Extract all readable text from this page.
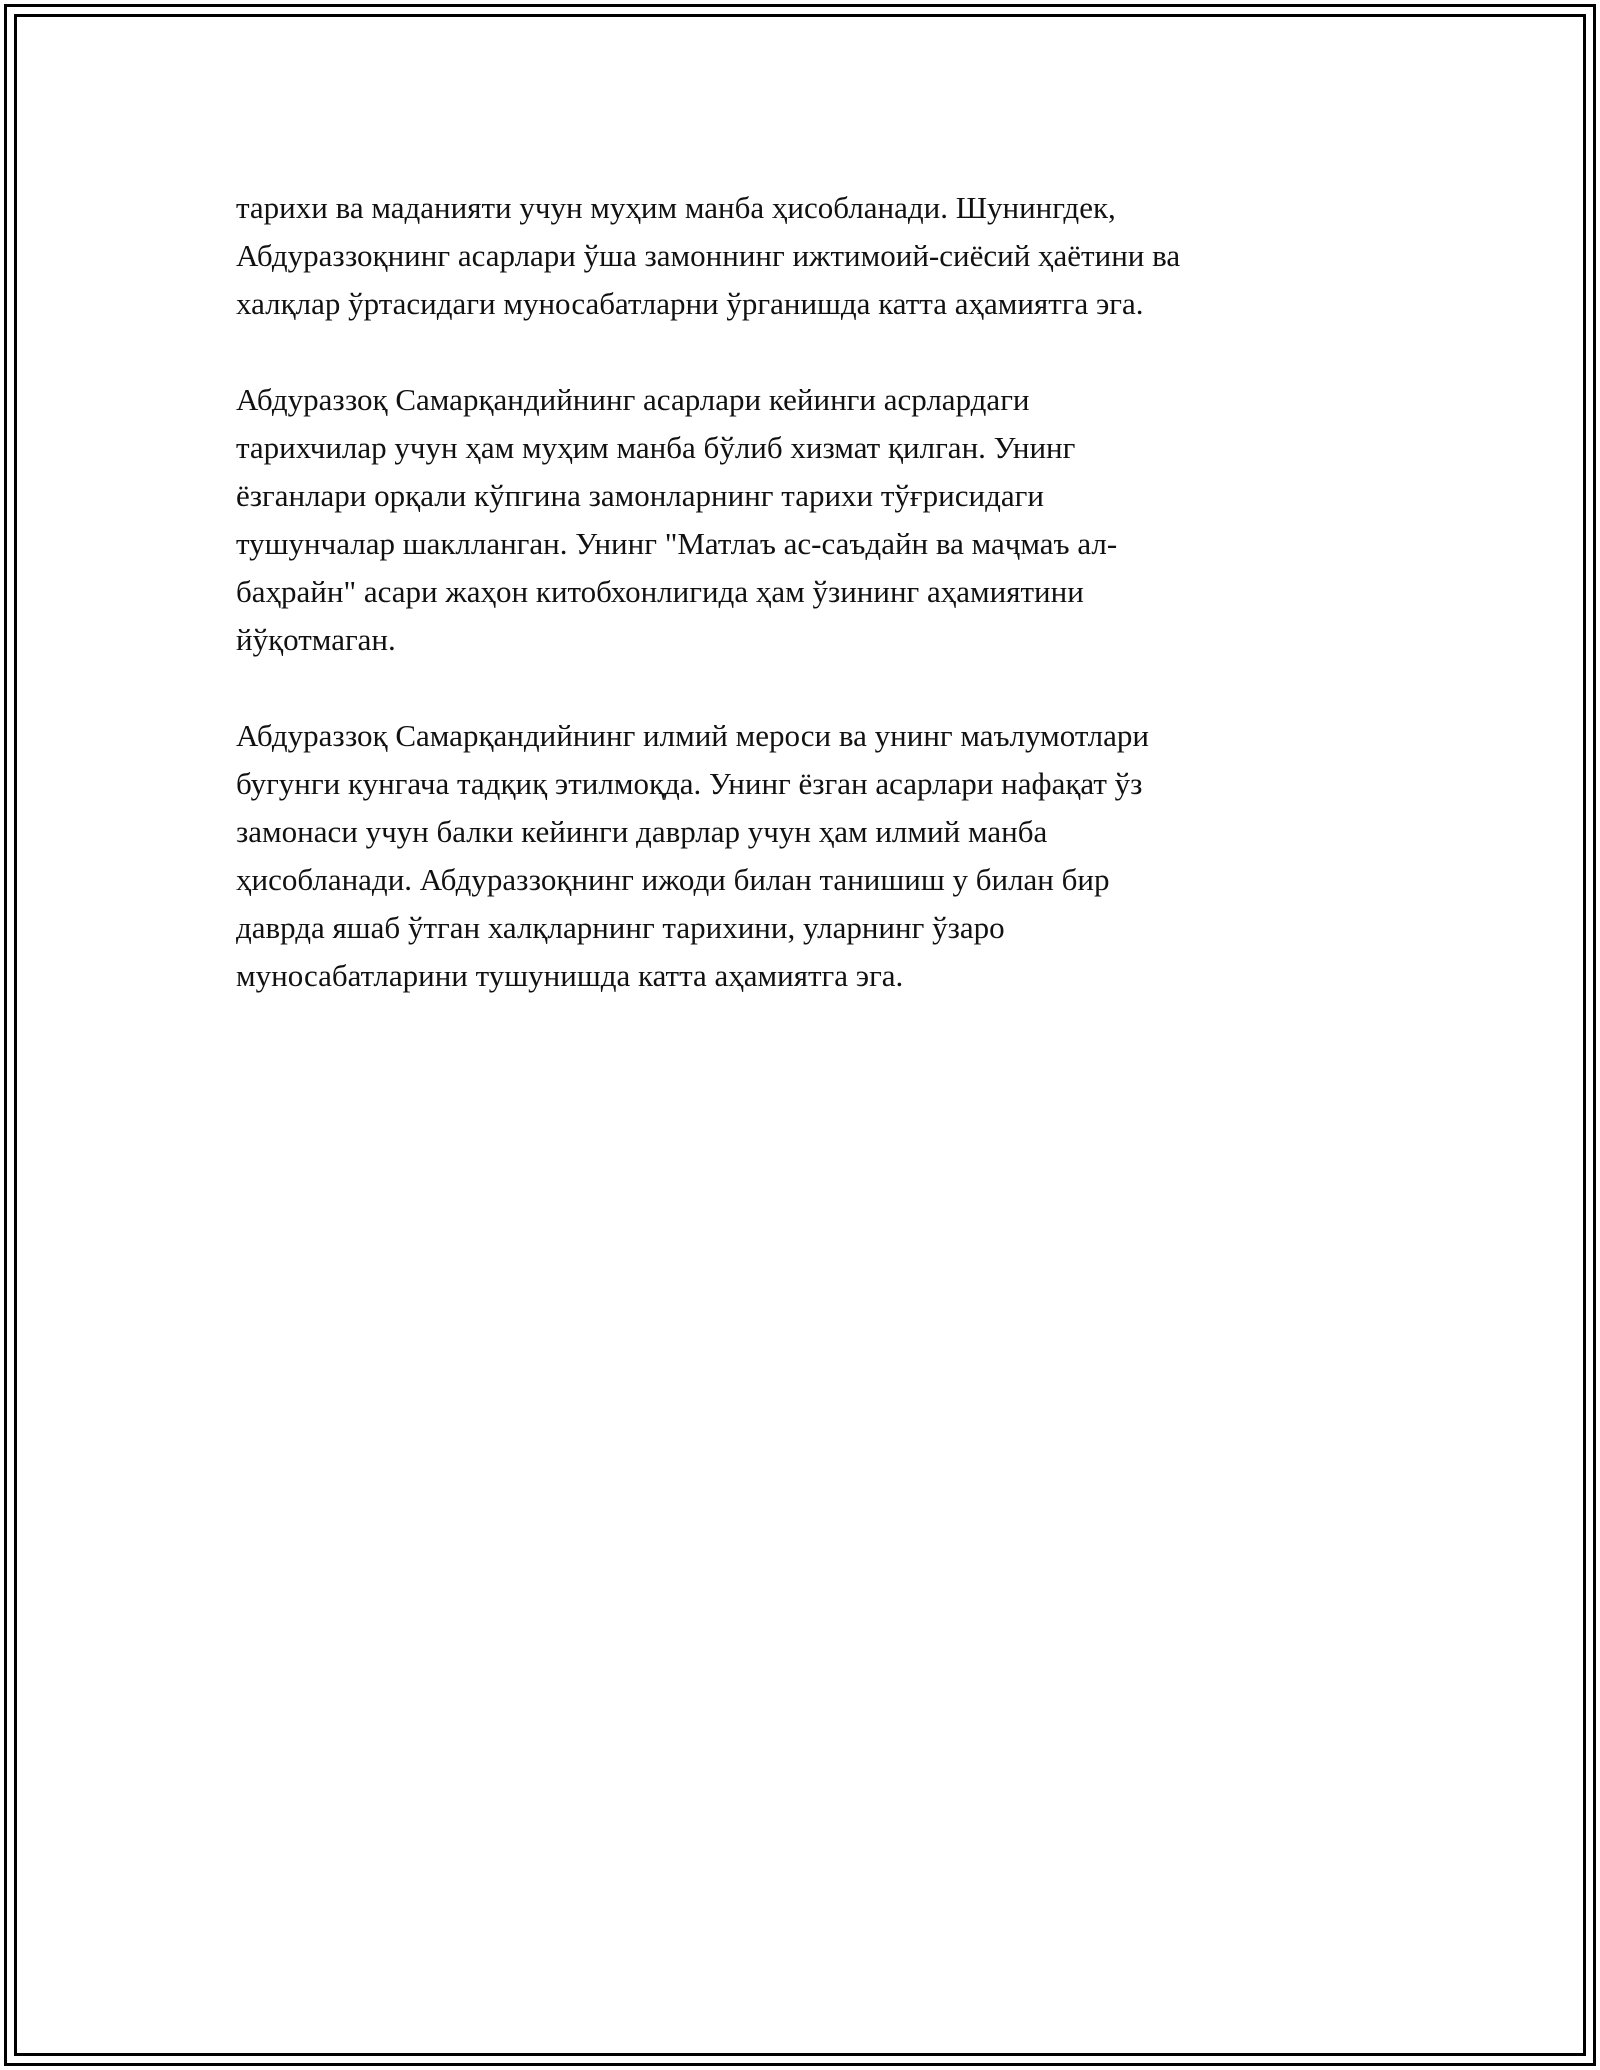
тарихи ва маданияти учун муҳим манба ҳисобланади. Шунингдек,
Абдураззоқнинг асарлари ўша замоннинг ижтимоий-сиёсий ҳаётини ва
халқлар ўртасидаги муносабатларни ўрганишда катта аҳамиятга эга.
Абдураззоқ Самарқандийнинг асарлари кейинги асрлардаги
тарихчилар учун ҳам муҳим манба бўлиб хизмат қилган. Унинг
ёзганлари орқали кўпгина замонларнинг тарихи тўғрисидаги
тушунчалар шаклланган. Унинг "Матлаъ ас-саъдайн ва маҷмаъ ал-
баҳрайн" асари жаҳон китобхонлигида ҳам ўзининг аҳамиятини
йўқотмаган.
Абдураззоқ Самарқандийнинг илмий мероси ва унинг маълумотлари
бугунги кунгача тадқиқ этилмоқда. Унинг ёзган асарлари нафақат ўз
замонаси учун балки кейинги даврлар учун ҳам илмий манба
ҳисобланади. Абдураззоқнинг ижоди билан танишиш у билан бир
даврда яшаб ўтган халқларнинг тарихини, уларнинг ўзаро
муносабатларини тушунишда катта аҳамиятга эга.
